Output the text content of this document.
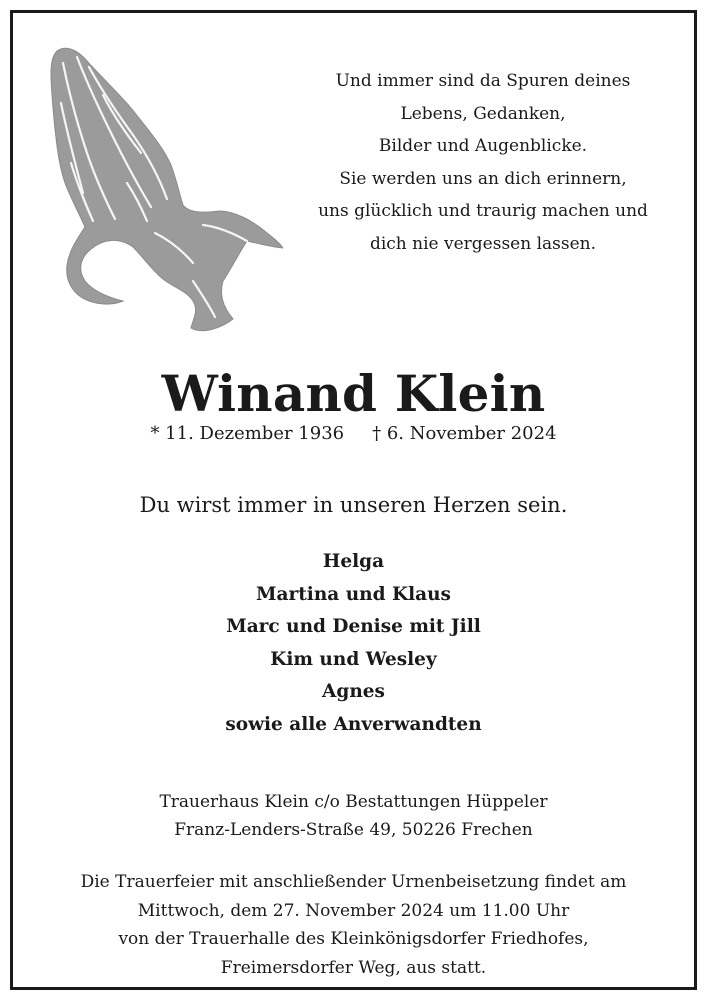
Und immer sind da Spuren deines
Lebens, Gedanken,
Bilder und Augenblicke.
Sie werden uns an dich erinnern,
uns glücklich und traurig machen und
dich nie vergessen lassen.
Winand Klein
* 11. Dezember 1936 † 6. November 2024
Du wirst immer in unseren Herzen sein.
Helga
Martina und Klaus
Marc und Denise mit Jill
Kim und Wesley
Agnes
sowie alle Anverwandten
Trauerhaus Klein c/o Bestattungen Hüppeler
Franz-Lenders-Straße 49, 50226 Frechen
Die Trauerfeier mit anschließender Urnenbeisetzung findet am
Mittwoch, dem 27. November 2024 um 11.00 Uhr
von der Trauerhalle des Kleinkönigsdorfer Friedhofes,
Freimersdorfer Weg, aus statt.
